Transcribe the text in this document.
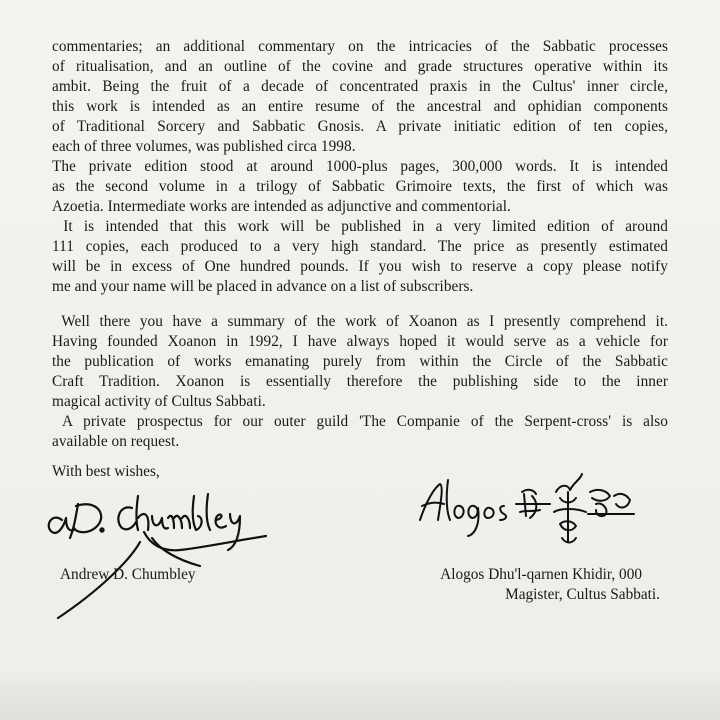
commentaries; an additional commentary on the intricacies of the Sabbatic processes
of ritualisation, and an outline of the covine and grade structures operative within its
ambit. Being the fruit of a decade of concentrated praxis in the Cultus' inner circle,
this work is intended as an entire resume of the ancestral and ophidian components
of Traditional Sorcery and Sabbatic Gnosis. A private initiatic edition of ten copies,
each of three volumes, was published circa 1998.
The private edition stood at around 1000-plus pages, 300,000 words. It is intended
as the second volume in a trilogy of Sabbatic Grimoire texts, the first of which was
Azoetia. Intermediate works are intended as adjunctive and commentorial.
It is intended that this work will be published in a very limited edition of around
111 copies, each produced to a very high standard. The price as presently estimated
will be in excess of One hundred pounds. If you wish to reserve a copy please notify
me and your name will be placed in advance on a list of subscribers.
Well there you have a summary of the work of Xoanon as I presently comprehend it.
Having founded Xoanon in 1992, I have always hoped it would serve as a vehicle for
the publication of works emanating purely from within the Circle of the Sabbatic
Craft Tradition. Xoanon is essentially therefore the publishing side to the inner
magical activity of Cultus Sabbati.
A private prospectus for our outer guild 'The Companie of the Serpent-cross' is also
available on request.
With best wishes,
Andrew D. Chumbley	Alogos Dhu'l-qarnen Khidir, 000
Magister, Cultus Sabbati.
